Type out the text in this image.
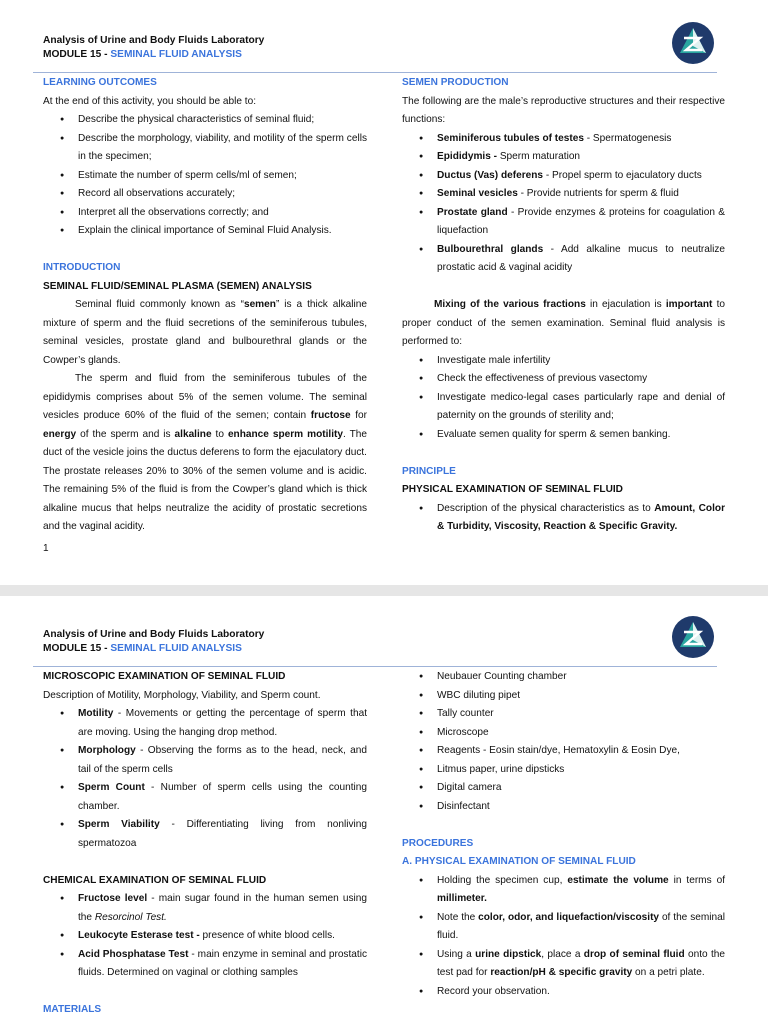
Analysis of Urine and Body Fluids Laboratory
MODULE 15 - SEMINAL FLUID ANALYSIS
LEARNING OUTCOMES
At the end of this activity, you should be able to:
● Describe the physical characteristics of seminal fluid;
● Describe the morphology, viability, and motility of the sperm cells in the specimen;
● Estimate the number of sperm cells/ml of semen;
● Record all observations accurately;
● Interpret all the observations correctly; and
● Explain the clinical importance of Seminal Fluid Analysis.
INTRODUCTION
SEMINAL FLUID/SEMINAL PLASMA (SEMEN) ANALYSIS

Seminal fluid commonly known as “semen” is a thick alkaline mixture of sperm and the fluid secretions of the seminiferous tubules, seminal vesicles, prostate gland and bulbourethral glands or the Cowper’s glands.

The sperm and fluid from the seminiferous tubules of the epididymis comprises about 5% of the semen volume. The seminal vesicles produce 60% of the fluid of the semen; contain fructose for energy of the sperm and is alkaline to enhance sperm motility. The duct of the vesicle joins the ductus deferens to form the ejaculatory duct. The prostate releases 20% to 30% of the semen volume and is acidic. The remaining 5% of the fluid is from the Cowper’s gland which is thick alkaline mucus that helps neutralize the acidity of prostatic secretions and the vaginal acidity.

1
SEMEN PRODUCTION

The following are the male’s reproductive structures and their respective functions:

● Seminiferous tubules of testes - Spermatogenesis
● Epididymis - Sperm maturation
● Ductus (Vas) deferens - Propel sperm to ejaculatory ducts
● Seminal vesicles - Provide nutrients for sperm & fluid
● Prostate gland - Provide enzymes & proteins for coagulation & liquefaction
● Bulbourethral glands - Add alkaline mucus to neutralize prostatic acid & vaginal acidity

Mixing of the various fractions in ejaculation is important to proper conduct of the semen examination. Seminal fluid analysis is performed to:

● Investigate male infertility
● Check the effectiveness of previous vasectomy
● Investigate medico-legal cases particularly rape and denial of paternity on the grounds of sterility and;
● Evaluate semen quality for sperm & semen banking.
PRINCIPLE
PHYSICAL EXAMINATION OF SEMINAL FLUID
● Description of the physical characteristics as to Amount, Color & Turbidity, Viscosity, Reaction & Specific Gravity.
Analysis of Urine and Body Fluids Laboratory
MODULE 15 - SEMINAL FLUID ANALYSIS
MICROSCOPIC EXAMINATION OF SEMINAL FLUID
Description of Motility, Morphology, Viability, and Sperm count.
● Motility - Movements or getting the percentage of sperm that are moving. Using the hanging drop method.
● Morphology - Observing the forms as to the head, neck, and tail of the sperm cells
● Sperm Count - Number of sperm cells using the counting chamber.
● Sperm Viability - Differentiating living from nonliving spermatozoa
CHEMICAL EXAMINATION OF SEMINAL FLUID
● Fructose level - main sugar found in the human semen using the Resorcinol Test.
● Leukocyte Esterase test - presence of white blood cells.
● Acid Phosphatase Test - main enzyme in seminal and prostatic fluids. Determined on vaginal or clothing samples
MATERIALS
● Neubauer Counting chamber
● WBC diluting pipet
● Tally counter
● Microscope
● Reagents - Eosin stain/dye, Hematoxylin & Eosin Dye,
● Litmus paper, urine dipsticks
● Digital camera
● Disinfectant
PROCEDURES
A. PHYSICAL EXAMINATION OF SEMINAL FLUID
● Holding the specimen cup, estimate the volume in terms of millimeter.
● Note the color, odor, and liquefaction/viscosity of the seminal fluid.
● Using a urine dipstick, place a drop of seminal fluid onto the test pad for reaction/pH & specific gravity on a petri plate.
● Record your observation.
